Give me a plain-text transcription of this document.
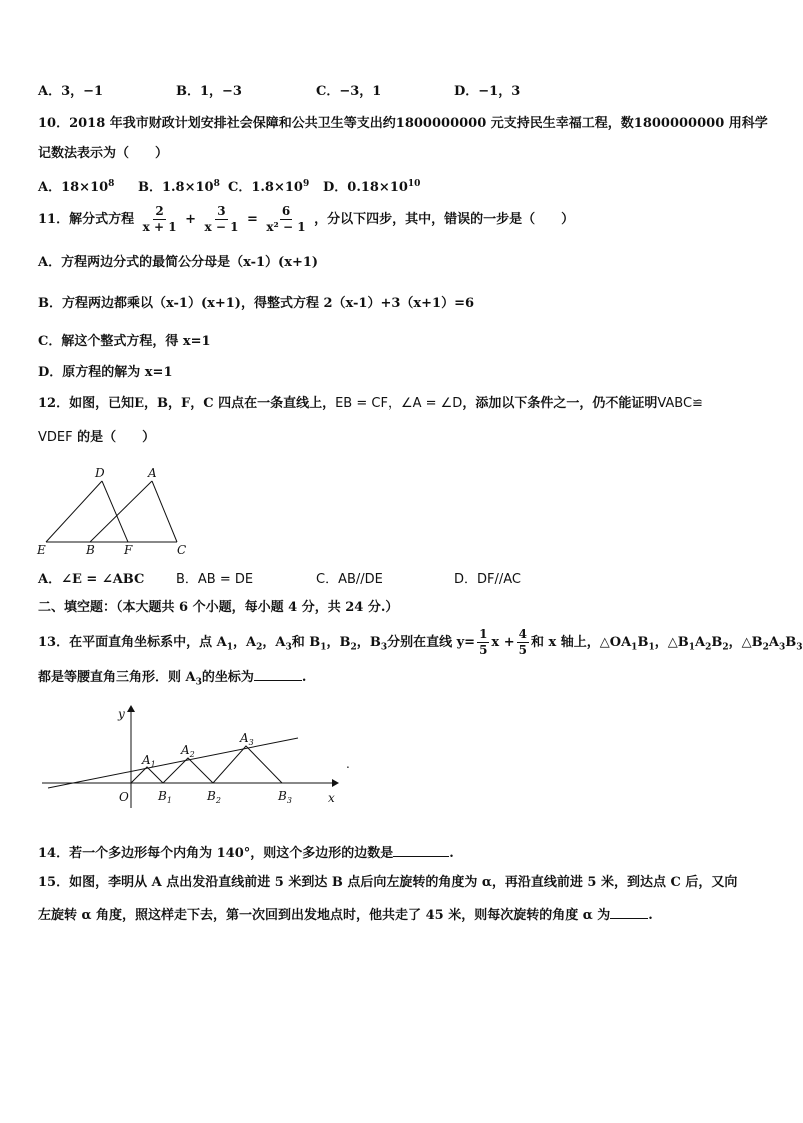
A．3，−1	B．1，−3	C．−3，1	D．−1，3
10．2018 年我市财政计划安排社会保障和公共卫生等支出约1800000000 元支持民生幸福工程，数1800000000 用科学
记数法表示为（　　）
A．$18\times 10^8$ B．$1.8\times 10^8$ C．$1.8\times 10^9$ D．$0.18\times 10^{10}$
11．解分式方程 $\frac{2}{x + 1} + \frac{3}{x - 1} = \frac{6}{\text{x² − 1}}$ ，分以下四步，其中，错误的一步是（　　）
A．方程两边分式的最简公分母是（x-1）(x+1)
B．方程两边都乘以（x-1）(x+1)，得整式方程 2（x-1）+3（x+1）=6
C．解这个整式方程，得 x=1
D．原方程的解为 x=1
12．如图，已知E，B，F，C 四点在一条直线上，EB = CF，∠A = ∠D，添加以下条件之一，仍不能证明VABC≌
VDEF 的是（　　）
D	A
E	B F	C
A．∠E = ∠ABC B．AB = DE	C．AB//DE	D．DF//AC
二、填空题：（本大题共 6 个小题，每小题 4 分，共 24 分.）
13．在平面直角坐标系中，点 $A_1$，$A_2$，$A_3$和 $B_1$，$B_2$，$B_3$分别在直线 $y= \frac{1}{5}$ $x + \frac{4}{5}$ 和 x 轴上，$\triangle OA_1B_1$，$\triangle B_1A_2B_2$，$\triangle B_2A_3B_3$
都是等腰直角三角形．则 $A_3$的坐标为	.
y
x
O
$A_1$
$A_2$
$A_3$
$B_1$	$B_2$	$B_3$
.
14．若一个多边形每个内角为 140°，则这个多边形的边数是	.
15．如图，李明从 A 点出发沿直线前进 5 米到达 B 点后向左旋转的角度为 α，再沿直线前进 5 米，到达点 C 后，又向
左旋转 α 角度，照这样走下去，第一次回到出发地点时，他共走了 45 米，则每次旋转的角度 α 为	.
